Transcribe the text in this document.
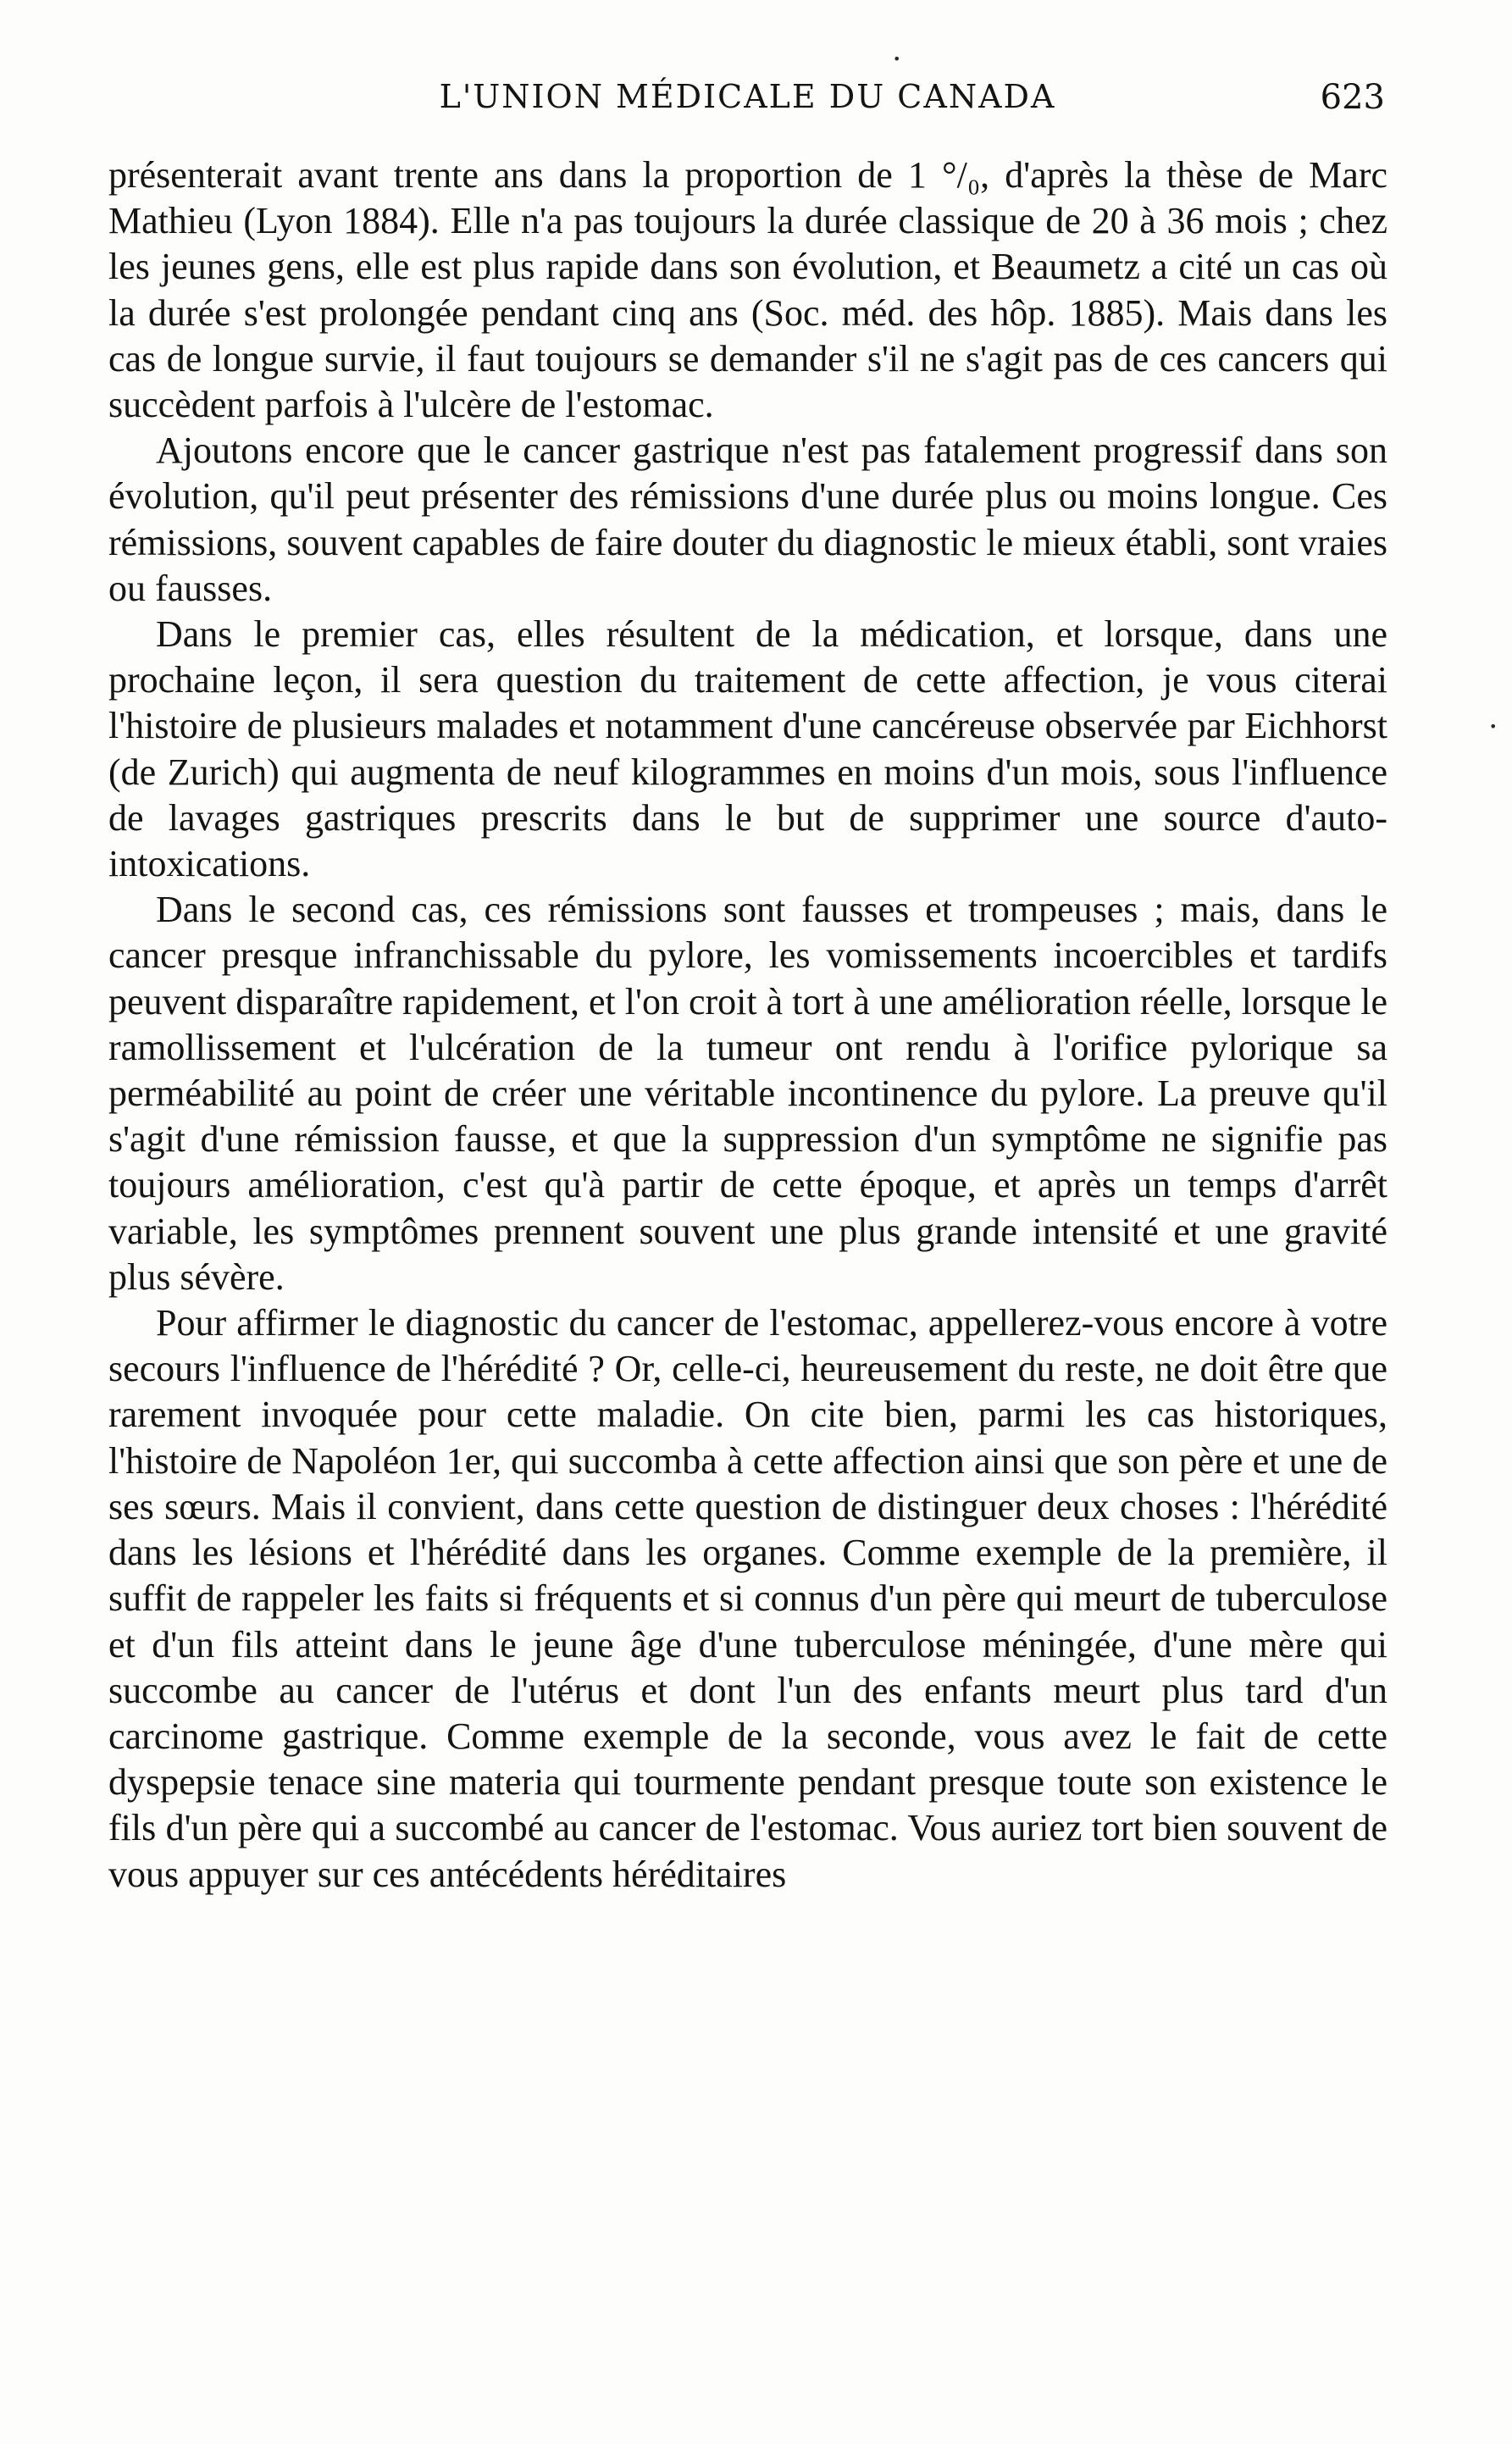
L'UNION MÉDICALE DU CANADA	623
•
•

présenterait avant trente ans dans la proportion de 1 °/₀, d'après la thèse de Marc Mathieu (Lyon 1884). Elle n'a pas toujours la durée classique de 20 à 36 mois ; chez les jeunes gens, elle est plus rapide dans son évolution, et Beaumetz a cité un cas où la durée s'est prolongée pendant cinq ans (Soc. méd. des hôp. 1885). Mais dans les cas de longue survie, il faut toujours se demander s'il ne s'agit pas de ces cancers qui succèdent parfois à l'ulcère de l'estomac.

Ajoutons encore que le cancer gastrique n'est pas fatalement progressif dans son évolution, qu'il peut présenter des rémissions d'une durée plus ou moins longue. Ces rémissions, souvent capables de faire douter du diagnostic le mieux établi, sont vraies ou fausses.

Dans le premier cas, elles résultent de la médication, et lorsque, dans une prochaine leçon, il sera question du traitement de cette affection, je vous citerai l'histoire de plusieurs malades et notamment d'une cancéreuse observée par Eichhorst (de Zurich) qui augmenta de neuf kilogrammes en moins d'un mois, sous l'influence de lavages gastriques prescrits dans le but de supprimer une source d'auto-intoxications.

Dans le second cas, ces rémissions sont fausses et trompeuses ; mais, dans le cancer presque infranchissable du pylore, les vomissements incoercibles et tardifs peuvent disparaître rapidement, et l'on croit à tort à une amélioration réelle, lorsque le ramollissement et l'ulcération de la tumeur ont rendu à l'orifice pylorique sa perméabilité au point de créer une véritable incontinence du pylore. La preuve qu'il s'agit d'une rémission fausse, et que la suppression d'un symptôme ne signifie pas toujours amélioration, c'est qu'à partir de cette époque, et après un temps d'arrêt variable, les symptômes prennent souvent une plus grande intensité et une gravité plus sévère.

Pour affirmer le diagnostic du cancer de l'estomac, appellerez-vous encore à votre secours l'influence de l'hérédité ? Or, celle-ci, heureusement du reste, ne doit être que rarement invoquée pour cette maladie. On cite bien, parmi les cas historiques, l'histoire de Napoléon 1er, qui succomba à cette affection ainsi que son père et une de ses sœurs. Mais il convient, dans cette question de distinguer deux choses : l'hérédité dans les lésions et l'hérédité dans les organes. Comme exemple de la première, il suffit de rappeler les faits si fréquents et si connus d'un père qui meurt de tuberculose et d'un fils atteint dans le jeune âge d'une tuberculose méningée, d'une mère qui succombe au cancer de l'utérus et dont l'un des enfants meurt plus tard d'un carcinome gastrique. Comme exemple de la seconde, vous avez le fait de cette dyspepsie tenace sine materia qui tourmente pendant presque toute son existence le fils d'un père qui a succombé au cancer de l'estomac. Vous auriez tort bien souvent de vous appuyer sur ces antécédents héréditaires
